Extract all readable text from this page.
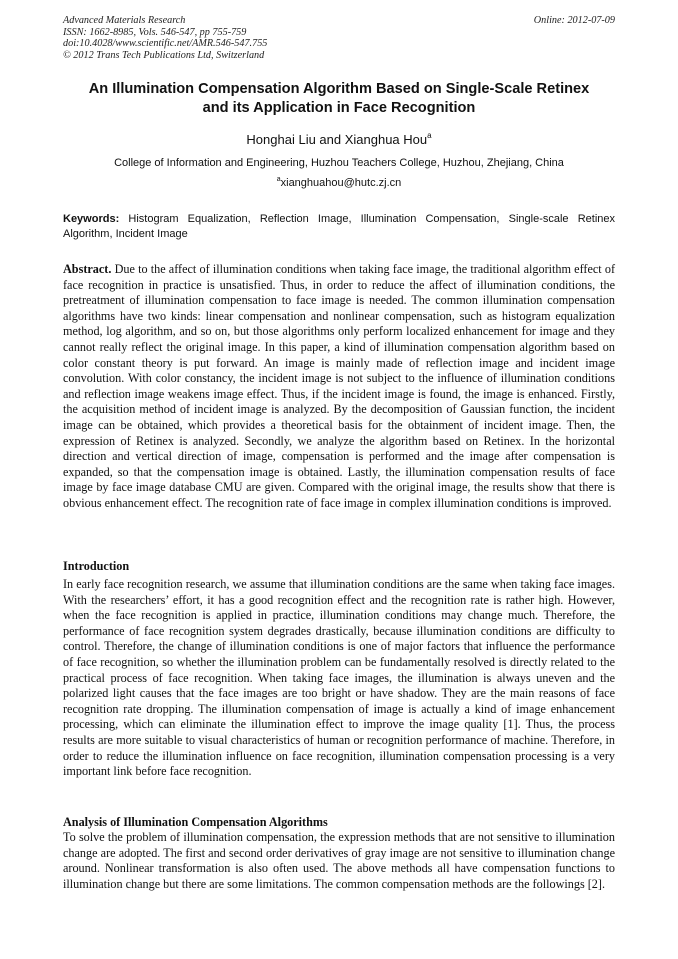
Advanced Materials Research
ISSN: 1662-8985, Vols. 546-547, pp 755-759
doi:10.4028/www.scientific.net/AMR.546-547.755
© 2012 Trans Tech Publications Ltd, Switzerland
Online: 2012-07-09
An Illumination Compensation Algorithm Based on Single-Scale Retinex
and its Application in Face Recognition
Honghai Liu and Xianghua Hou$^a$
College of Information and Engineering, Huzhou Teachers College, Huzhou, Zhejiang, China
$^a$xianghuahou@hutc.zj.cn
Keywords: Histogram Equalization, Reflection Image, Illumination Compensation, Single-scale Retinex Algorithm, Incident Image
Abstract. Due to the affect of illumination conditions when taking face image, the traditional algorithm effect of face recognition in practice is unsatisfied. Thus, in order to reduce the affect of illumination conditions, the pretreatment of illumination compensation to face image is needed. The common illumination compensation algorithms have two kinds: linear compensation and nonlinear compensation, such as histogram equalization method, log algorithm, and so on, but those algorithms only perform localized enhancement for image and they cannot really reflect the original image. In this paper, a kind of illumination compensation algorithm based on color constant theory is put forward. An image is mainly made of reflection image and incident image convolution. With color constancy, the incident image is not subject to the influence of illumination conditions and reflection image weakens image effect. Thus, if the incident image is found, the image is enhanced. Firstly, the acquisition method of incident image is analyzed. By the decomposition of Gaussian function, the incident image can be obtained, which provides a theoretical basis for the obtainment of incident image. Then, the expression of Retinex is analyzed. Secondly, we analyze the algorithm based on Retinex. In the horizontal direction and vertical direction of image, compensation is performed and the image after compensation is expanded, so that the compensation image is obtained. Lastly, the illumination compensation results of face image by face image database CMU are given. Compared with the original image, the results show that there is obvious enhancement effect. The recognition rate of face image in complex illumination conditions is improved.
Introduction
In early face recognition research, we assume that illumination conditions are the same when taking face images. With the researchers’ effort, it has a good recognition effect and the recognition rate is rather high. However, when the face recognition is applied in practice, illumination conditions may change much. Therefore, the performance of face recognition system degrades drastically, because illumination conditions are difficulty to control. Therefore, the change of illumination conditions is one of major factors that influence the performance of face recognition, so whether the illumination problem can be fundamentally resolved is directly related to the practical process of face recognition. When taking face images, the illumination is always uneven and the polarized light causes that the face images are too bright or have shadow. They are the main reasons of face recognition rate dropping. The illumination compensation of image is actually a kind of image enhancement processing, which can eliminate the illumination effect to improve the image quality [1]. Thus, the process results are more suitable to visual characteristics of human or recognition performance of machine. Therefore, in order to reduce the illumination influence on face recognition, illumination compensation processing is a very important link before face recognition.
Analysis of Illumination Compensation Algorithms
To solve the problem of illumination compensation, the expression methods that are not sensitive to illumination change are adopted. The first and second order derivatives of gray image are not sensitive to illumination change around. Nonlinear transformation is also often used. The above methods all have compensation functions to illumination change but there are some limitations. The common compensation methods are the followings [2].
